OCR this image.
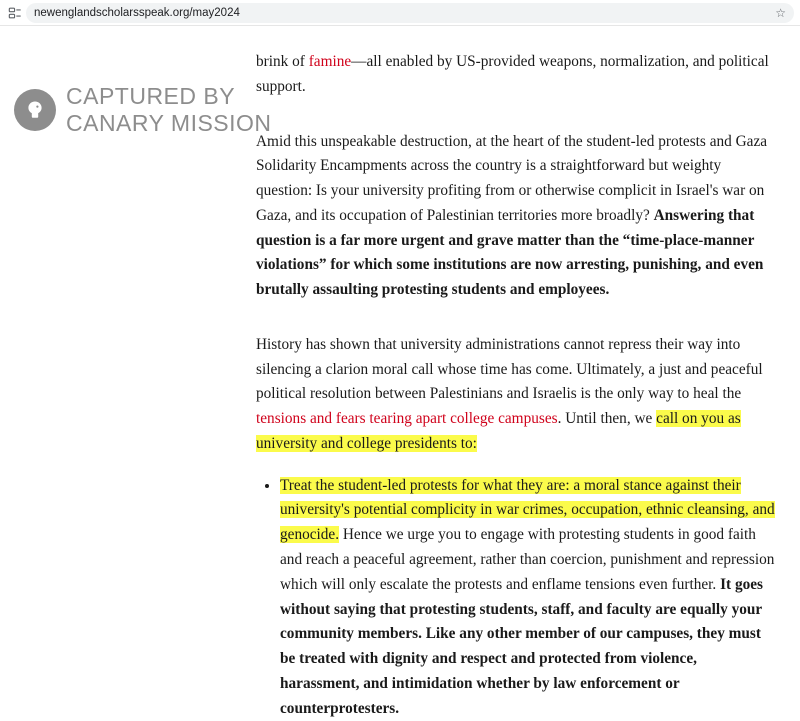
newenglandscholarsspeak.org/may2024	☆
CAPTURED BY
CANARY MISSION

brink of famine—all enabled by US-provided weapons, normalization, and political support.

Amid this unspeakable destruction, at the heart of the student-led protests and Gaza Solidarity Encampments across the country is a straightforward but weighty question: Is your university profiting from or otherwise complicit in Israel's war on Gaza, and its occupation of Palestinian territories more broadly? Answering that question is a far more urgent and grave matter than the “time-place-manner violations” for which some institutions are now arresting, punishing, and even brutally assaulting protesting students and employees.

History has shown that university administrations cannot repress their way into silencing a clarion moral call whose time has come. Ultimately, a just and peaceful political resolution between Palestinians and Israelis is the only way to heal the tensions and fears tearing apart college campuses. Until then, we call on you as university and college presidents to:

• Treat the student-led protests for what they are: a moral stance against their university's potential complicity in war crimes, occupation, ethnic cleansing, and genocide. Hence we urge you to engage with protesting students in good faith and reach a peaceful agreement, rather than coercion, punishment and repression which will only escalate the protests and enflame tensions even further. It goes without saying that protesting students, staff, and faculty are equally your community members. Like any other member of our campuses, they must be treated with dignity and respect and protected from violence, harassment, and intimidation whether by law enforcement or counterprotesters.
